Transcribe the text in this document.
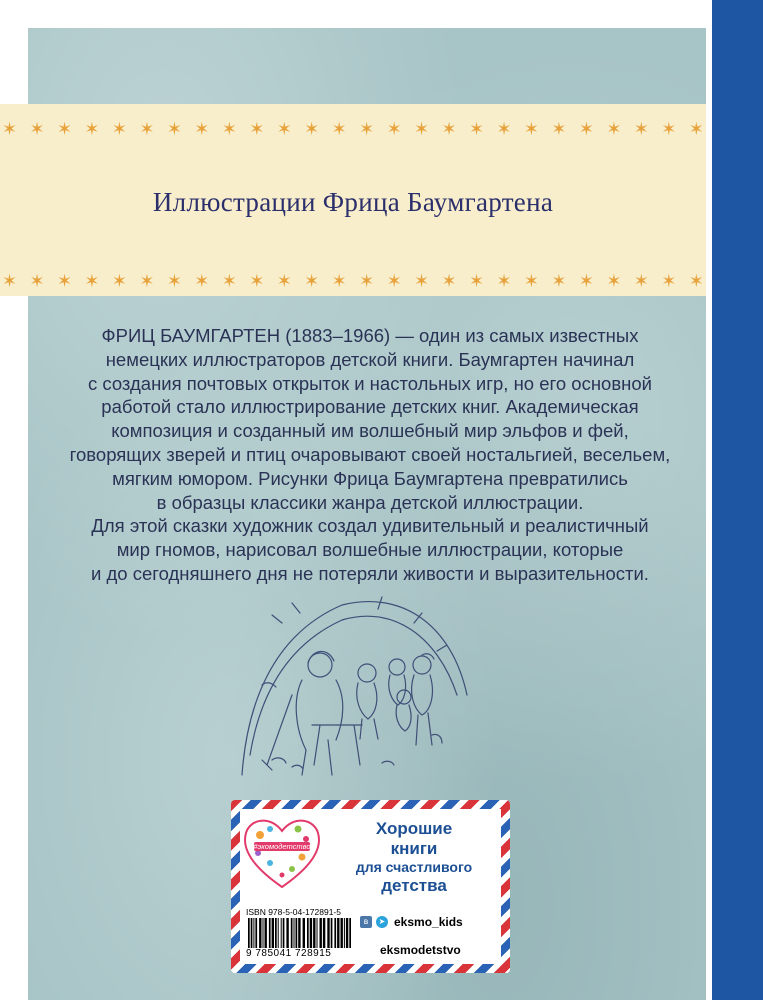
✶ ✶ ✶ ✶ ✶ ✶ ✶ ✶ ✶ ✶ ✶ ✶ ✶ ✶ ✶ ✶ ✶ ✶ ✶ ✶ ✶ ✶ ✶ ✶ ✶ ✶
✶ ✶ ✶ ✶ ✶ ✶ ✶ ✶ ✶ ✶ ✶ ✶ ✶ ✶ ✶ ✶ ✶ ✶ ✶ ✶ ✶ ✶ ✶ ✶ ✶ ✶
Иллюстрации Фрица Баумгартена
ФРИЦ БАУМГАРТЕН (1883–1966) — один из самых известных
немецких иллюстраторов детской книги. Баумгартен начинал
с создания почтовых открыток и настольных игр, но его основной
работой стало иллюстрирование детских книг. Академическая
композиция и созданный им волшебный мир эльфов и фей,
говорящих зверей и птиц очаровывают своей ностальгией, весельем,
мягким юмором. Рисунки Фрица Баумгартена превратились
в образцы классики жанра детской иллюстрации.
Для этой сказки художник создал удивительный и реалистичный
мир гномов, нарисовал волшебные иллюстрации, которые
и до сегодняшнего дня не потеряли живости и выразительности.
#экомодетство
Хорошие
книги
для счастливого
детства
ISBN 978-5-04-172891-5
9 785041 728915
в	➤ eksmo_kids
eksmodetstvo
